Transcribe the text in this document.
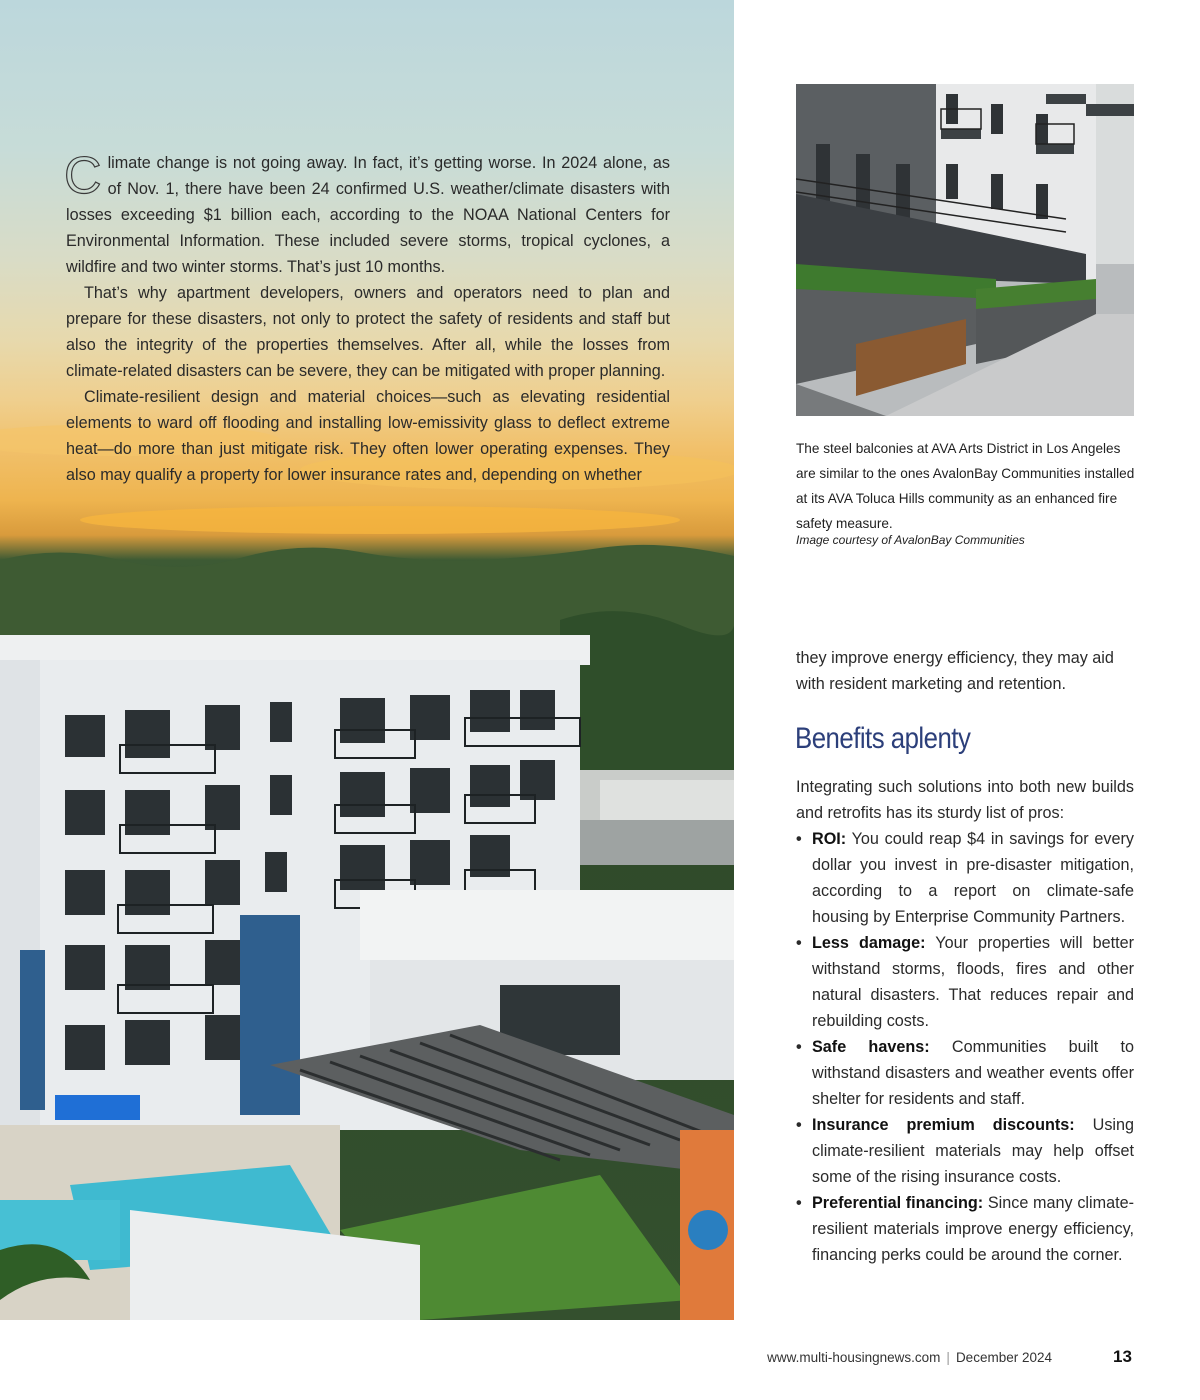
Climate change is not going away. In fact, it’s getting worse. In 2024 alone, as of Nov. 1, there have been 24 confirmed U.S. weather/climate disasters with losses exceeding $1 billion each, according to the NOAA National Centers for Environmental Information. These included severe storms, tropical cyclones, a wildfire and two winter storms. That’s just 10 months.

That’s why apartment developers, owners and operators need to plan and prepare for these disasters, not only to protect the safety of residents and staff but also the integrity of the properties themselves. After all, while the losses from climate-related disasters can be severe, they can be mitigated with proper planning.

Climate-resilient design and material choices—such as elevating residential elements to ward off flooding and installing low-emissivity glass to deflect extreme heat—do more than just mitigate risk. They often lower operating expenses. They also may qualify a property for lower insurance rates and, depending on whether

The steel balconies at AVA Arts District in Los Angeles are similar to the ones AvalonBay Communities installed at its AVA Toluca Hills community as an enhanced fire safety measure.
Image courtesy of AvalonBay Communities
they improve energy efficiency, they may aid with resident marketing and retention.
Benefits aplenty
Integrating such solutions into both new builds and retrofits has its sturdy list of pros:
• ROI: You could reap $4 in savings for every dollar you invest in pre-disaster mitigation, according to a report on climate-safe housing by Enterprise Community Partners.
• Less damage: Your properties will better withstand storms, floods, fires and other natural disasters. That reduces repair and rebuilding costs.
• Safe havens: Communities built to withstand disasters and weather events offer shelter for residents and staff.
• Insurance premium discounts: Using climate-resilient materials may help offset some of the rising insurance costs.
• Preferential financing: Since many climate-resilient materials improve energy efficiency, financing perks could be around the corner.
www.multi-housingnews.com | December 2024	13
